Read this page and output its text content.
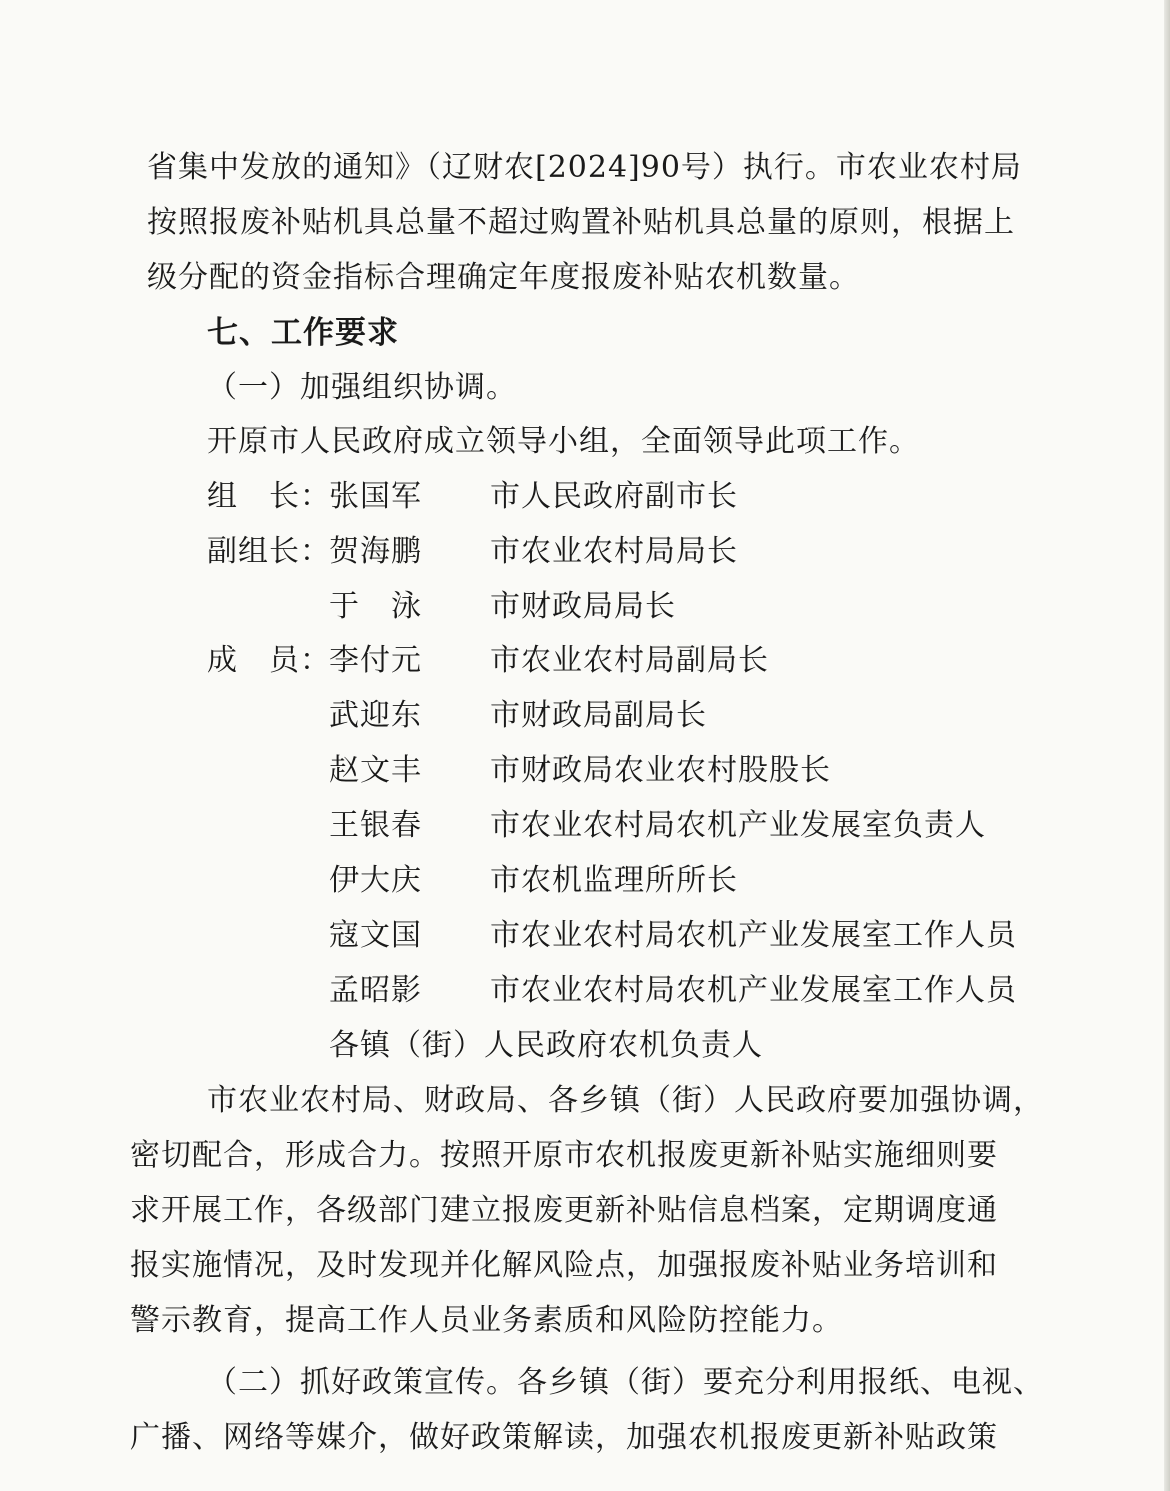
省集中发放的通知》（辽财农[2024]90号）执行。市农业农村局
按照报废补贴机具总量不超过购置补贴机具总量的原则，根据上
级分配的资金指标合理确定年度报废补贴农机数量。
七、工作要求
（一）加强组织协调。
开原市人民政府成立领导小组，全面领导此项工作。
组　长：
张国军 市人民政府副市长
副组长：
贺海鹏 市农业农村局局长
于　泳 市财政局局长
成　员：
李付元 市农业农村局副局长
武迎东 市财政局副局长
赵文丰 市财政局农业农村股股长
王银春 市农业农村局农机产业发展室负责人
伊大庆 市农机监理所所长
寇文国 市农业农村局农机产业发展室工作人员
孟昭影 市农业农村局农机产业发展室工作人员
各镇（街）人民政府农机负责人
市农业农村局、财政局、各乡镇（街）人民政府要加强协调，
密切配合，形成合力。按照开原市农机报废更新补贴实施细则要
求开展工作，各级部门建立报废更新补贴信息档案，定期调度通
报实施情况，及时发现并化解风险点，加强报废补贴业务培训和
警示教育，提高工作人员业务素质和风险防控能力。
（二）抓好政策宣传。各乡镇（街）要充分利用报纸、电视、
广播、网络等媒介，做好政策解读，加强农机报废更新补贴政策
